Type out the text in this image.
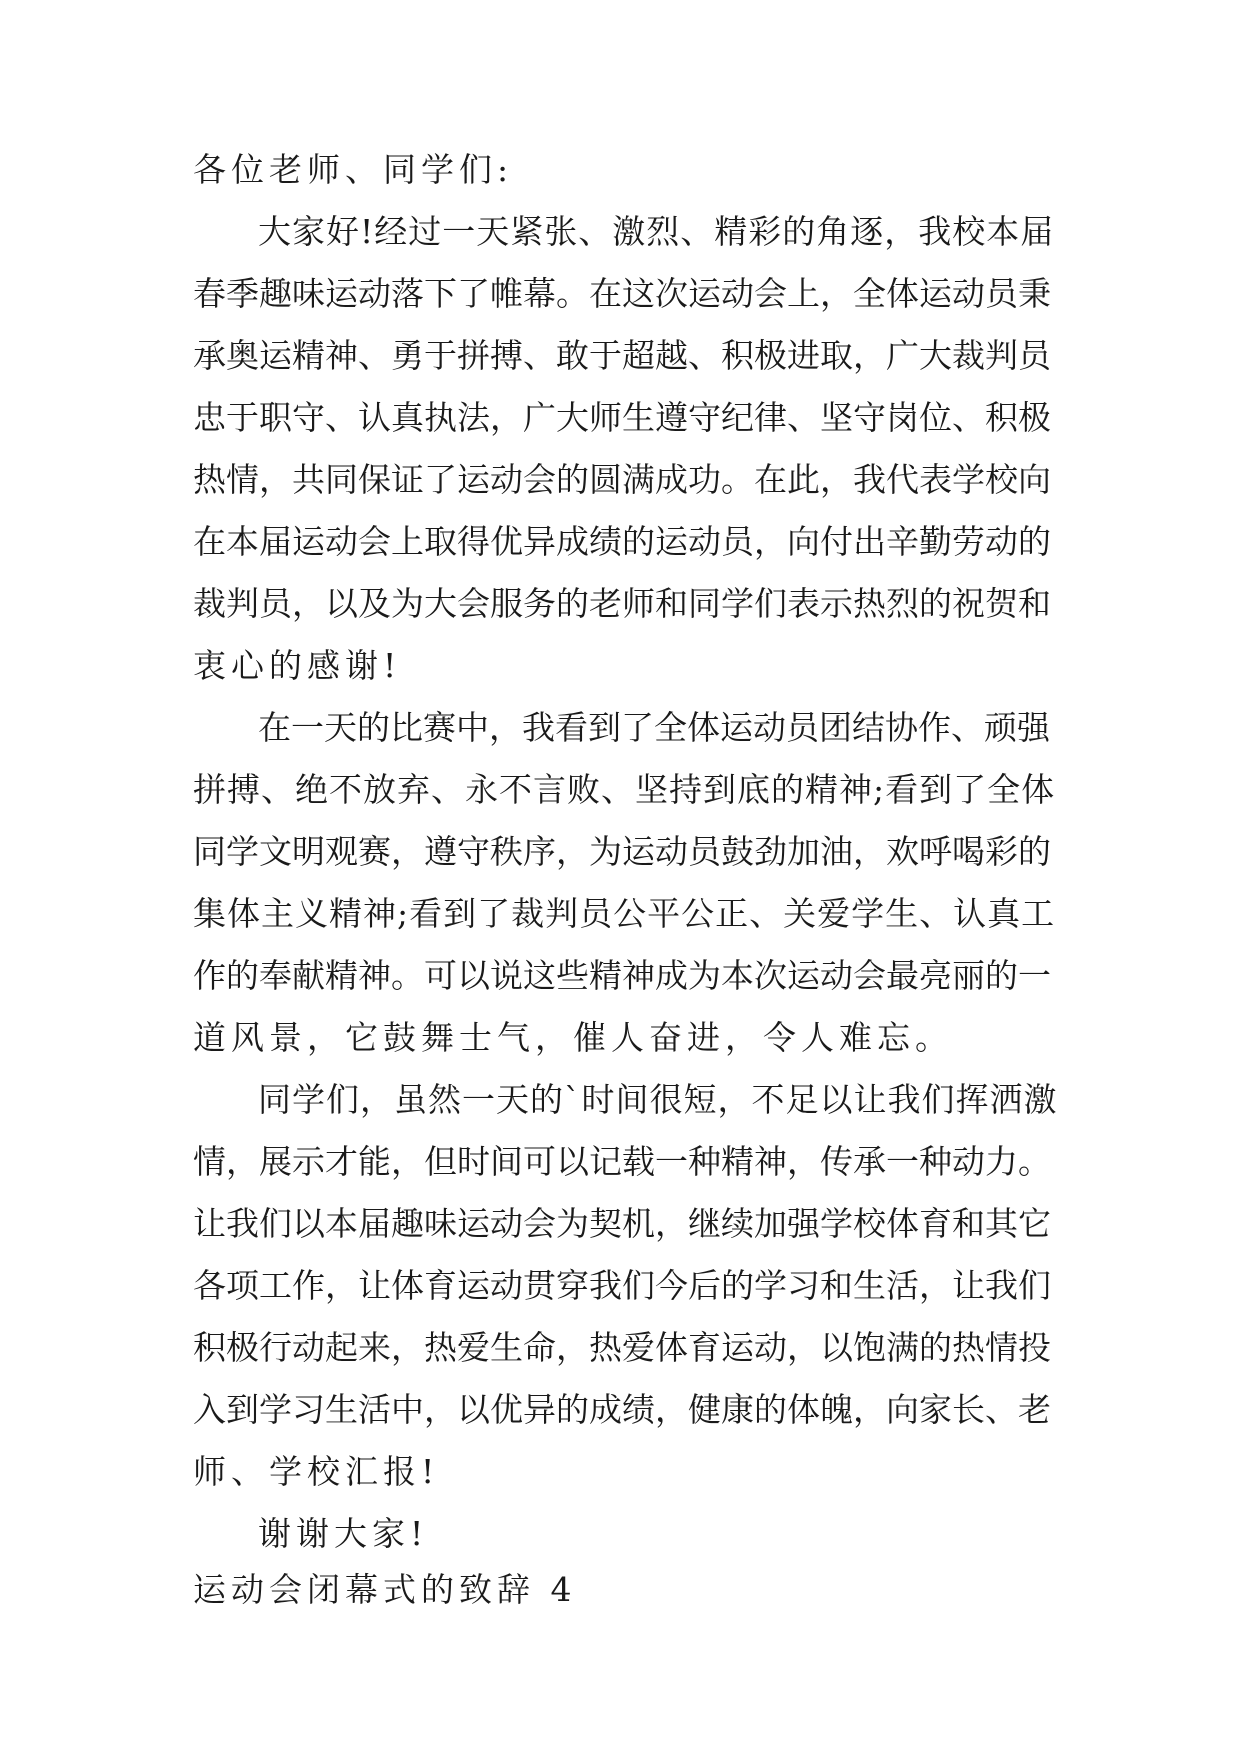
各位老师、同学们:
大家好!经过一天紧张、激烈、精彩的角逐，我校本届
春季趣味运动落下了帷幕。在这次运动会上，全体运动员秉
承奥运精神、勇于拼搏、敢于超越、积极进取，广大裁判员
忠于职守、认真执法，广大师生遵守纪律、坚守岗位、积极
热情，共同保证了运动会的圆满成功。在此，我代表学校向
在本届运动会上取得优异成绩的运动员，向付出辛勤劳动的
裁判员，以及为大会服务的老师和同学们表示热烈的祝贺和
衷心的感谢!
在一天的比赛中，我看到了全体运动员团结协作、顽强
拼搏、绝不放弃、永不言败、坚持到底的精神;看到了全体
同学文明观赛，遵守秩序，为运动员鼓劲加油，欢呼喝彩的
集体主义精神;看到了裁判员公平公正、关爱学生、认真工
作的奉献精神。可以说这些精神成为本次运动会最亮丽的一
道风景，它鼓舞士气，催人奋进，令人难忘。
同学们，虽然一天的`时间很短，不足以让我们挥洒激
情，展示才能，但时间可以记载一种精神，传承一种动力。
让我们以本届趣味运动会为契机，继续加强学校体育和其它
各项工作，让体育运动贯穿我们今后的学习和生活，让我们
积极行动起来，热爱生命，热爱体育运动，以饱满的热情投
入到学习生活中，以优异的成绩，健康的体魄，向家长、老
师、学校汇报!
谢谢大家!
运动会闭幕式的致辞 4
